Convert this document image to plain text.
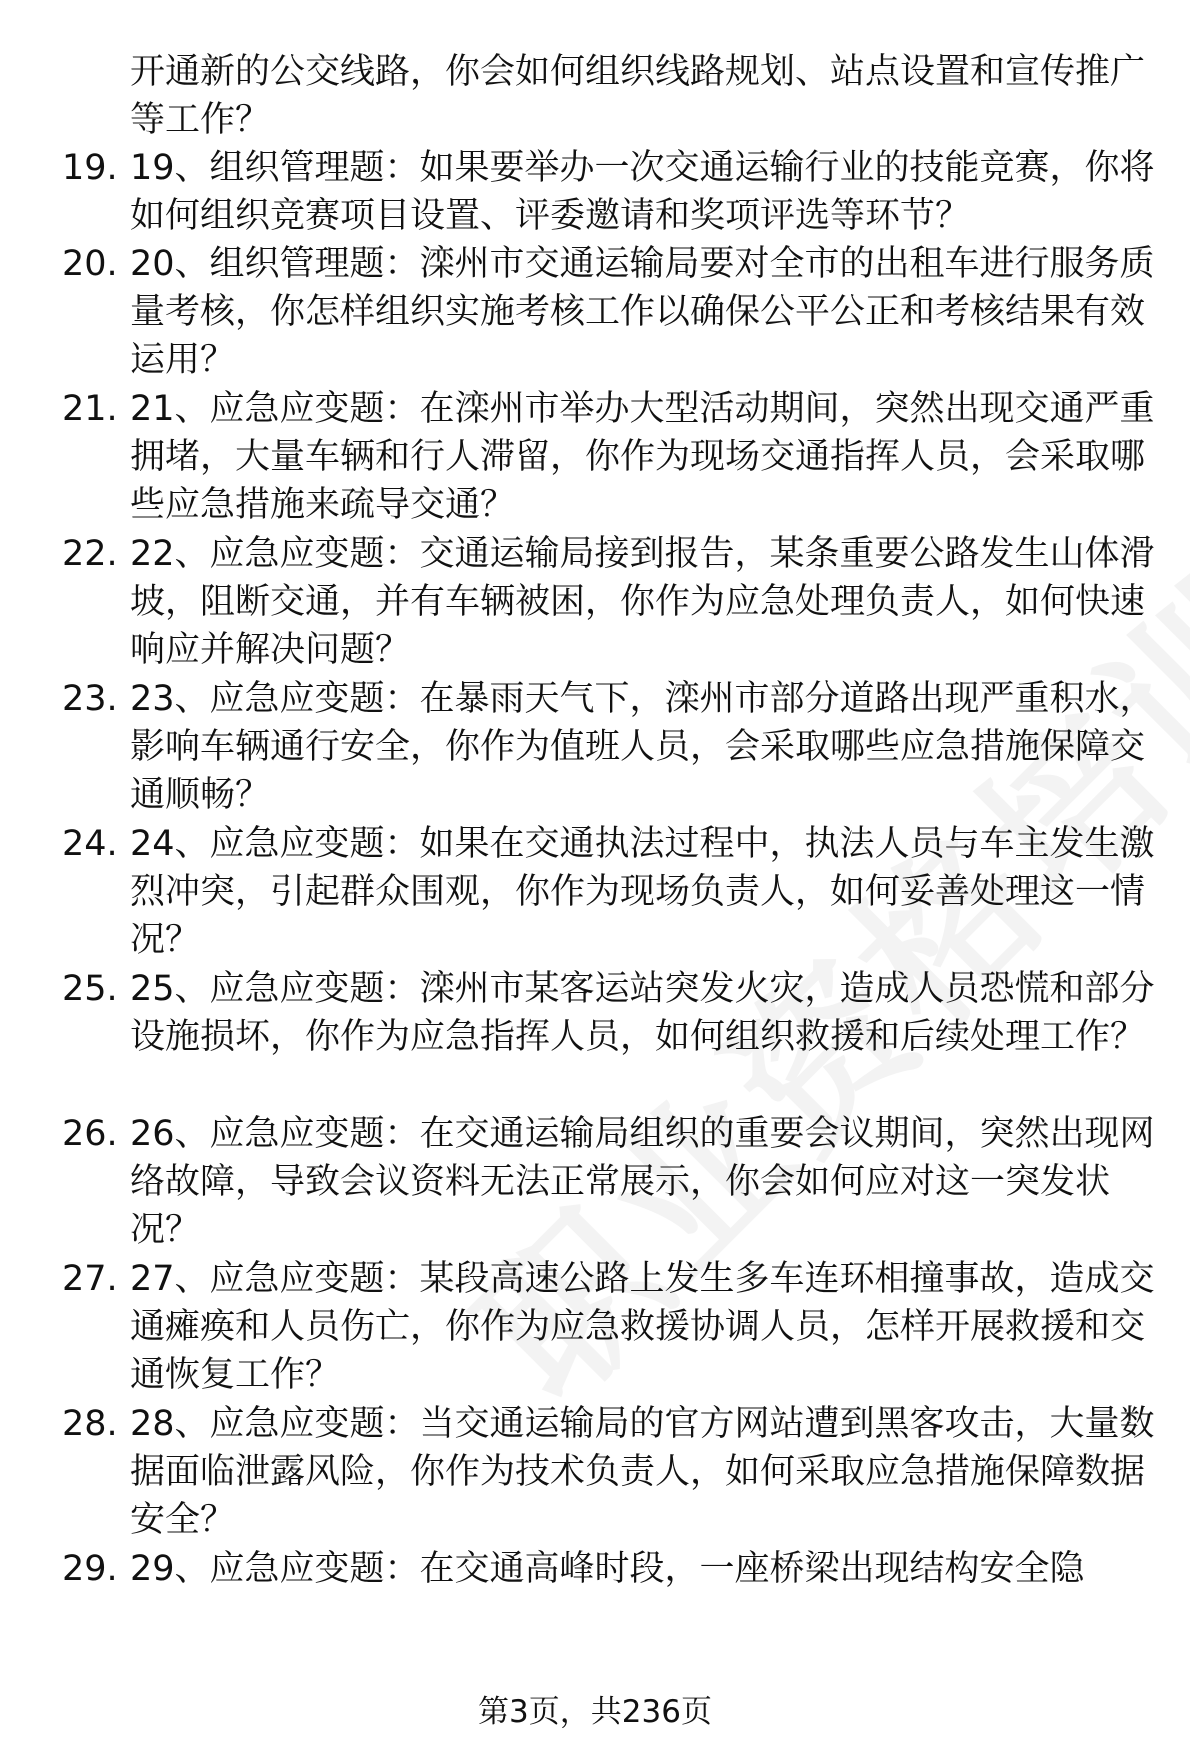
开通新的公交线路，你会如何组织线路规划、站点设置和宣传推广等工作？
19. 19、组织管理题：如果要举办一次交通运输行业的技能竞赛，你将如何组织竞赛项目设置、评委邀请和奖项评选等环节？
20. 20、组织管理题：滦州市交通运输局要对全市的出租车进行服务质量考核，你怎样组织实施考核工作以确保公平公正和考核结果有效运用？
21. 21、应急应变题：在滦州市举办大型活动期间，突然出现交通严重拥堵，大量车辆和行人滞留，你作为现场交通指挥人员，会采取哪些应急措施来疏导交通？
22. 22、应急应变题：交通运输局接到报告，某条重要公路发生山体滑坡，阻断交通，并有车辆被困，你作为应急处理负责人，如何快速响应并解决问题？
23. 23、应急应变题：在暴雨天气下，滦州市部分道路出现严重积水，影响车辆通行安全，你作为值班人员，会采取哪些应急措施保障交通顺畅？
24. 24、应急应变题：如果在交通执法过程中，执法人员与车主发生激烈冲突，引起群众围观，你作为现场负责人，如何妥善处理这一情况？
25. 25、应急应变题：滦州市某客运站突发火灾，造成人员恐慌和部分设施损坏，你作为应急指挥人员，如何组织救援和后续处理工作？
26. 26、应急应变题：在交通运输局组织的重要会议期间，突然出现网络故障，导致会议资料无法正常展示，你会如何应对这一突发状况？
27. 27、应急应变题：某段高速公路上发生多车连环相撞事故，造成交通瘫痪和人员伤亡，你作为应急救援协调人员，怎样开展救援和交通恢复工作？
28. 28、应急应变题：当交通运输局的官方网站遭到黑客攻击，大量数据面临泄露风险，你作为技术负责人，如何采取应急措施保障数据安全？
29. 29、应急应变题：在交通高峰时段，一座桥梁出现结构安全隐
第3页，共236页
